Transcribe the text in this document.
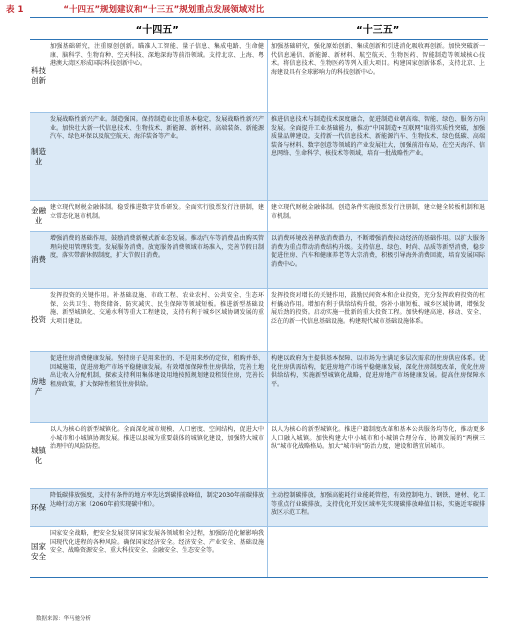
表 1	“十四五”规划建议和“十三五”规划重点发展领域对比
“十四五”	“十三五”
科技创新
加强基础研究，注重原创创新。瞄准人工智能、量子信息、集成电路、生命健康、脑科学、生物育种、空天科技、深地深海等前沿领域。支持北京、上海、粤港澳大湾区形成国际科技创新中心。
加强基础研究，强化原始创新、集成创新和引进消化吸收再创新。加快突破新一代信息通信、新能源、新材料、航空航天、生物医药、智能制造等领域核心技术。将信息技术、生物医药等列入重大项目。构建国家创新体系，支持北京、上海建设具有全球影响力的科技创新中心。
制造业
发展战略性新兴产业。制造强国。保持制造业比重基本稳定，发展战略性新兴产业。加快壮大新一代信息技术、生物技术、新能源、新材料、高端装备、新能源汽车、绿色环保以及航空航天、海洋装备等产业。
推进信息技术与制造技术深度融合，促进制造业朝高端、智能、绿色、服务方向发展。全面提升工业基础能力，推动“中国制造+互联网”取得实质性突破，加强质量品牌建设。支持新一代信息技术、新能源汽车、生物技术、绿色低碳、高端装备与材料、数字创意等领域的产业发展壮大，加强前沿布局，在空天海洋、信息网络、生命科学、核技术等领域，培育一批战略性产业。
金融业
建立现代财税金融体制。稳妥推进数字货币研发。全面实行股票发行注册制，建立常态化退市机制。
建立现代财税金融体制。创造条件实施股票发行注册制，建立健全转板机制和退市机制。
消费
增强消费的基础作用，鼓励消费新模式新业态发展。推动汽车等消费品由购买管理向使用管理转变。发展服务消费。放宽服务消费领域市场准入，完善节假日制度，落实带薪休假制度，扩大节假日消费。
以消费环境改善释放消费潜力，不断增强消费拉动经济的基础作用。以扩大服务消费为重点带动消费结构升级。支持信息、绿色、时尚、品质等新型消费，稳步促进住房、汽车和健康养老等大宗消费，积极引导海外消费回流，培育发展国际消费中心。
投资
发挥投资的关键作用。补基础设施、市政工程、农业农村、公共安全、生态环保、公共卫生、物资储备、防灾减灾、民生保障等领域短板。推进新型基础设施、新型城镇化、交通水利等重大工程建设，支持有利于城乡区域协调发展的重大项目建设。
发挥投资对增长的关键作用，鼓励民间资本和企业投资，充分发挥政府投资的杠杆撬动作用。增加有利于供给结构升级，弥补小康短板、城乡区域协调，增强发展后劲的投资。启动实施一批新的重大投资工程。加快构建高速、移动、安全、泛在的新一代信息基础设施。构建现代城市基础设施体系。
房地产
促进住房消费健康发展。坚持房子是用来住的、不是用来炒的定位，租购并举、因城施策，促进房地产市场平稳健康发展。有效增加保障性住房供给，完善土地出让收入分配机制，探索支持利用集体建设用地按照规划建设租赁住房，完善长租房政策，扩大保障性租赁住房供给。
构建以政府为主提供基本保障、以市场为主满足多层次需求的住房供应体系。优化住房供需结构，促进房地产市场平稳健康发展，深化住房制度改革，优化住房供给结构，实施新型城镇化战略，促进房地产市场健康发展。提高住房保障水平。
城镇化
以人为核心的新型城镇化。全面深化城市规模、人口密度、空间结构，促进大中小城市和小城镇协调发展。推进以县城为重要载体的城镇化建设，加强特大城市治理中的风险防控。
以人为核心的新型城镇化。推进户籍制度改革和基本公共服务均等化，推动更多人口融入城镇。加快构建大中小城市和小城镇合理分布、协调发展的“两横三纵”城市化战略格局。加大“城市病”防治力度，建设和谐宜居城市。
环保
降低碳排放强度，支持有条件的地方率先达到碳排放峰值，制定2030年前碳排放达峰行动方案（2060年前实现碳中和）。
主动控制碳排放，加强高能耗行业能耗管控，有效控制电力、钢铁、建材、化工等重点行业碳排放，支持优化开发区域率先实现碳排放峰值目标，实施近零碳排放区示范工程。
国家安全
国家安全战略，把安全发展贯穿国家发展各领域和全过程，加强防范化解影响我国现代化进程的各种风险。确保国家经济安全。经济安全、产业安全、基础设施安全、战略资源安全、重大科技安全、金融安全、生态安全等。
数据来源：华马驰分析
